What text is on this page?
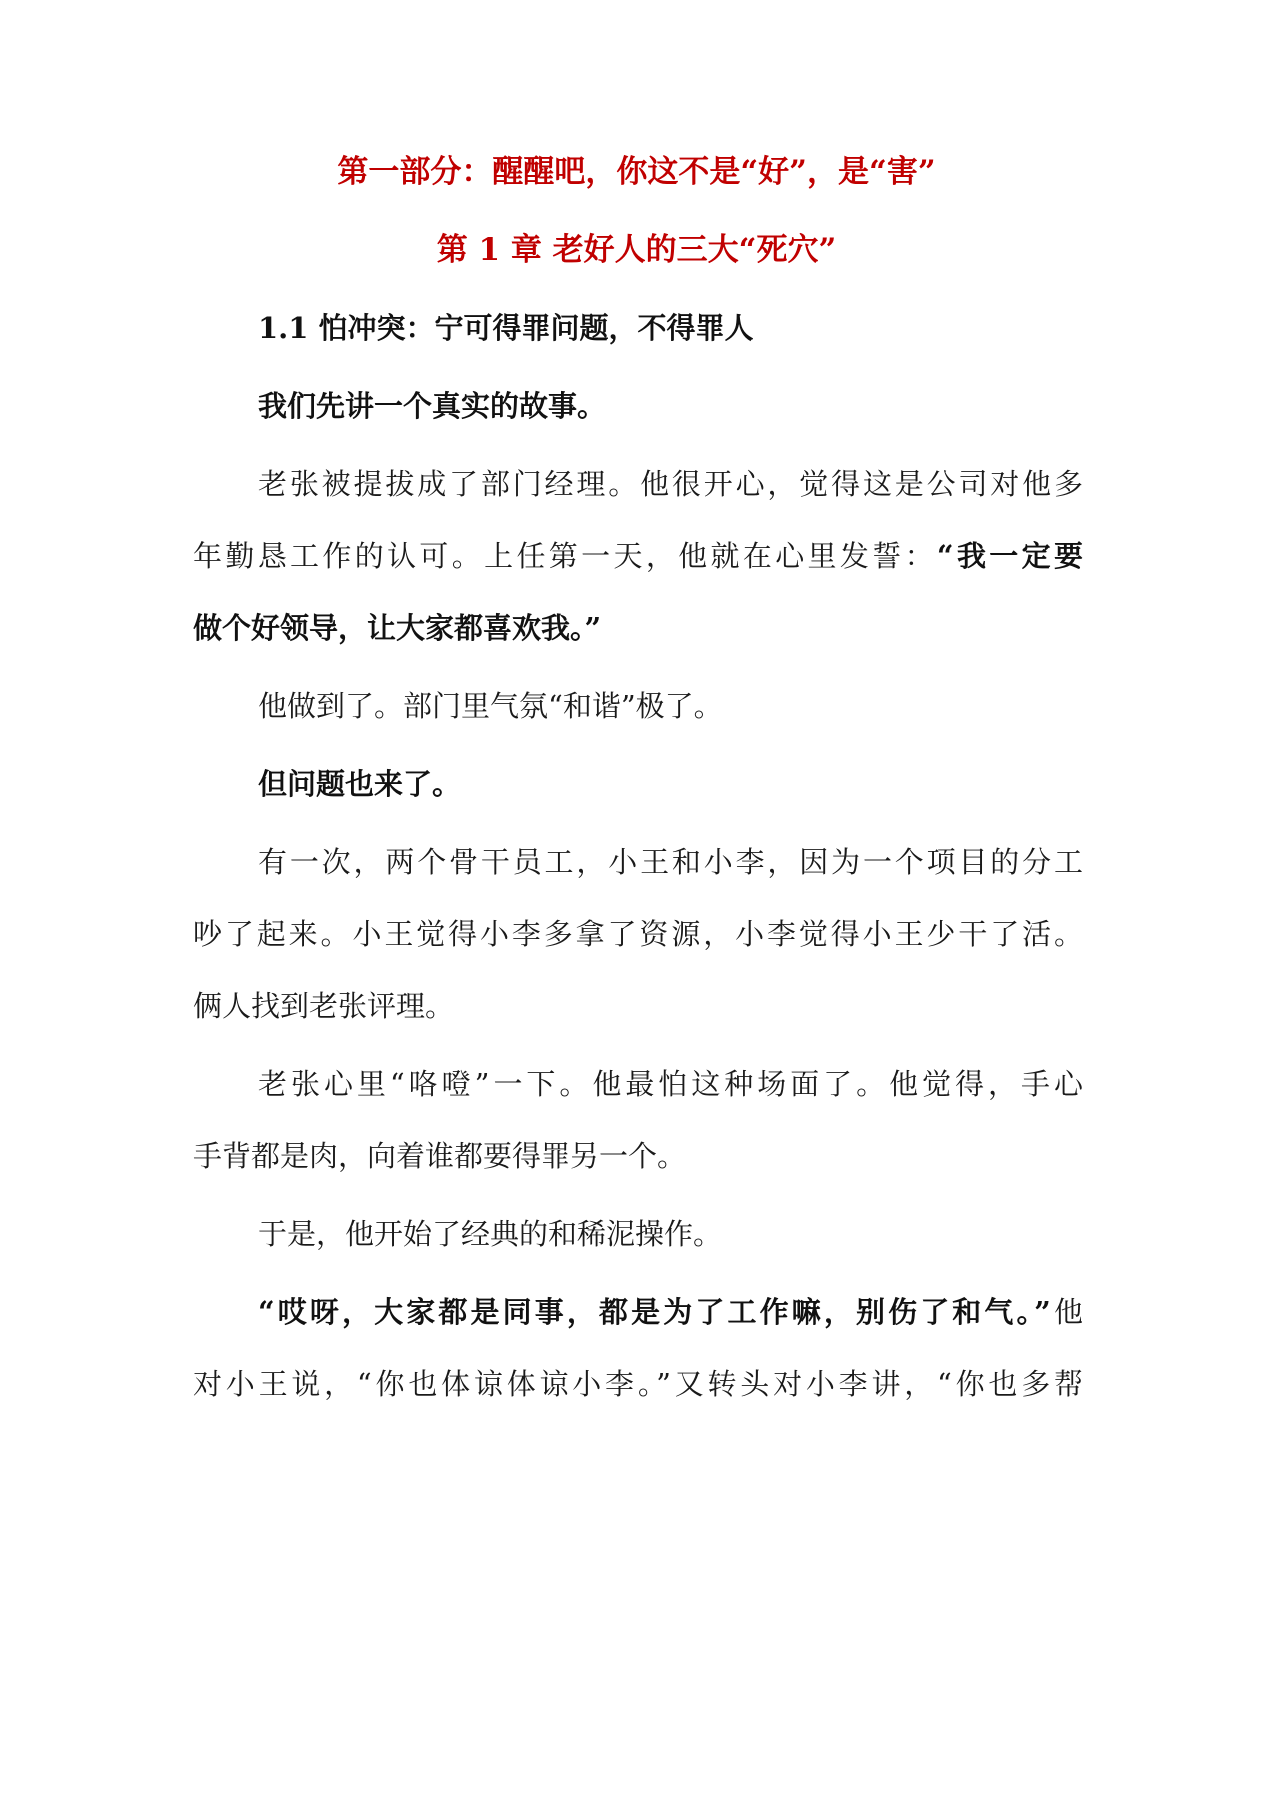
第一部分：醒醒吧，你这不是“好”，是“害”
第 1 章 老好人的三大“死穴”
1.1 怕冲突：宁可得罪问题，不得罪人
我们先讲一个真实的故事。
老张被提拔成了部门经理。他很开心，觉得这是公司对他多
年勤恳工作的认可。上任第一天，他就在心里发誓：“我一定要
做个好领导，让大家都喜欢我。”
他做到了。部门里气氛“和谐”极了。
但问题也来了。
有一次，两个骨干员工，小王和小李，因为一个项目的分工
吵了起来。小王觉得小李多拿了资源，小李觉得小王少干了活。
俩人找到老张评理。
老张心里“咯噔”一下。他最怕这种场面了。他觉得，手心
手背都是肉，向着谁都要得罪另一个。
于是，他开始了经典的和稀泥操作。
“哎呀，大家都是同事，都是为了工作嘛，别伤了和气。”他
对小王说，“你也体谅体谅小李。”又转头对小李讲，“你也多帮
